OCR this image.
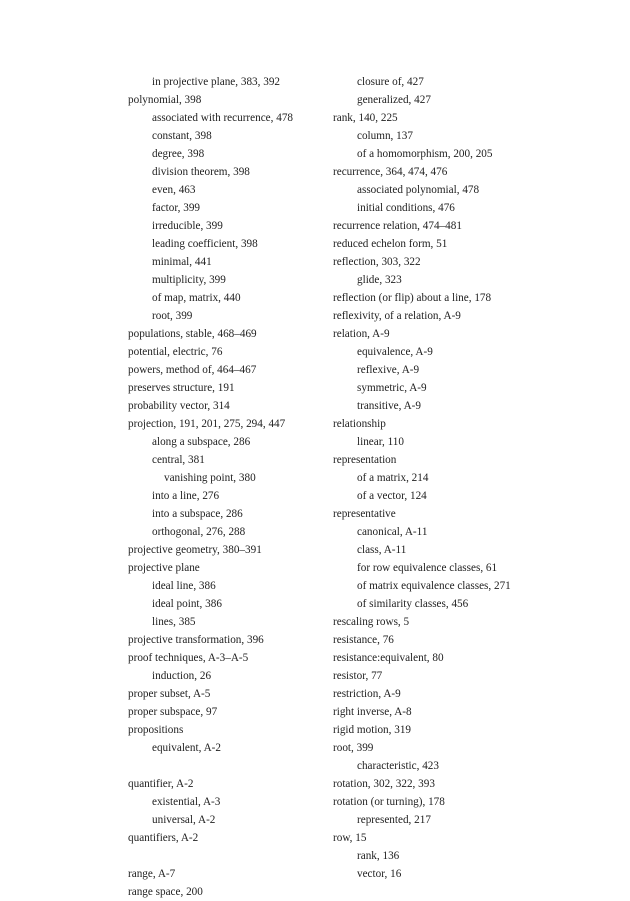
in projective plane, 383, 392
polynomial, 398
associated with recurrence, 478
constant, 398
degree, 398
division theorem, 398
even, 463
factor, 399
irreducible, 399
leading coefficient, 398
minimal, 441
multiplicity, 399
of map, matrix, 440
root, 399
populations, stable, 468–469
potential, electric, 76
powers, method of, 464–467
preserves structure, 191
probability vector, 314
projection, 191, 201, 275, 294, 447
along a subspace, 286
central, 381
vanishing point, 380
into a line, 276
into a subspace, 286
orthogonal, 276, 288
projective geometry, 380–391
projective plane
ideal line, 386
ideal point, 386
lines, 385
projective transformation, 396
proof techniques, A-3–A-5
induction, 26
proper subset, A-5
proper subspace, 97
propositions
equivalent, A-2
quantifier, A-2
existential, A-3
universal, A-2
quantifiers, A-2
range, A-7
range space, 200
closure of, 427
generalized, 427
rank, 140, 225
column, 137
of a homomorphism, 200, 205
recurrence, 364, 474, 476
associated polynomial, 478
initial conditions, 476
recurrence relation, 474–481
reduced echelon form, 51
reflection, 303, 322
glide, 323
reflection (or flip) about a line, 178
reflexivity, of a relation, A-9
relation, A-9
equivalence, A-9
reflexive, A-9
symmetric, A-9
transitive, A-9
relationship
linear, 110
representation
of a matrix, 214
of a vector, 124
representative
canonical, A-11
class, A-11
for row equivalence classes, 61
of matrix equivalence classes, 271
of similarity classes, 456
rescaling rows, 5
resistance, 76
resistance:equivalent, 80
resistor, 77
restriction, A-9
right inverse, A-8
rigid motion, 319
root, 399
characteristic, 423
rotation, 302, 322, 393
rotation (or turning), 178
represented, 217
row, 15
rank, 136
vector, 16
